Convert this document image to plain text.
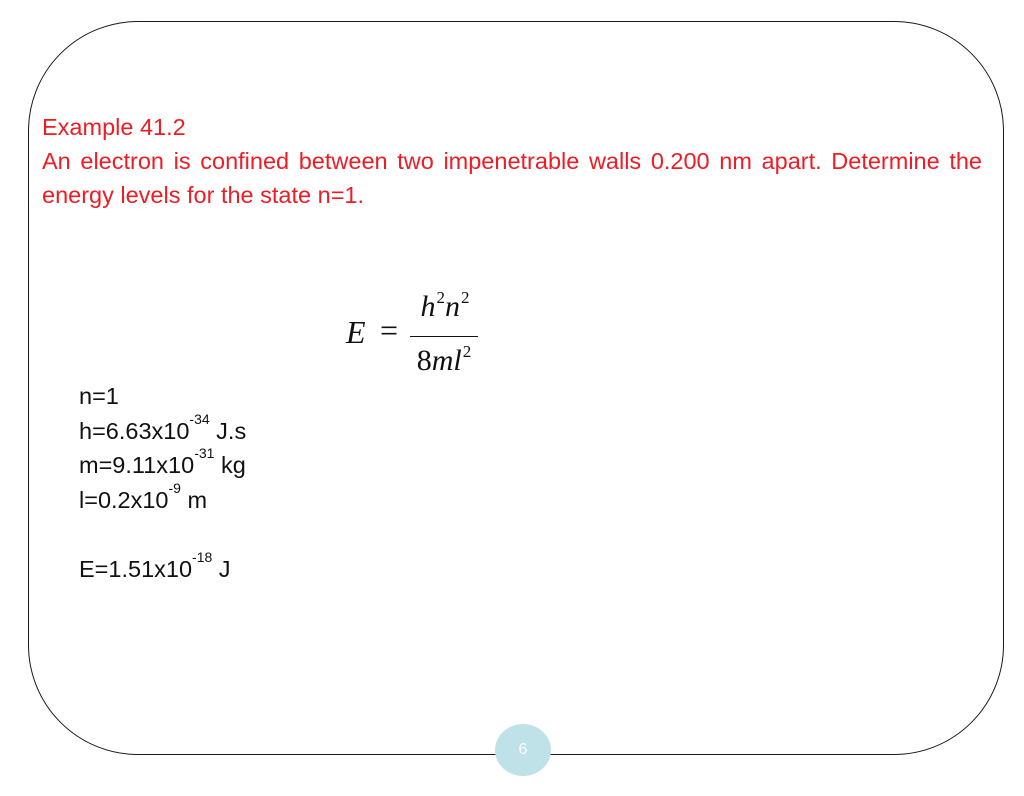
Example 41.2
An electron is confined between two impenetrable walls 0.200 nm apart. Determine the energy levels for the state n=1.
E =
$h^2n^2$
$8ml^2$
n=1
$h=6.63x10^{-34}$ J.s
$m=9.11x10^{-31}$ kg
$l=0.2x10^{-9}$ m
$E=1.51x10^{-18}$ J
6
